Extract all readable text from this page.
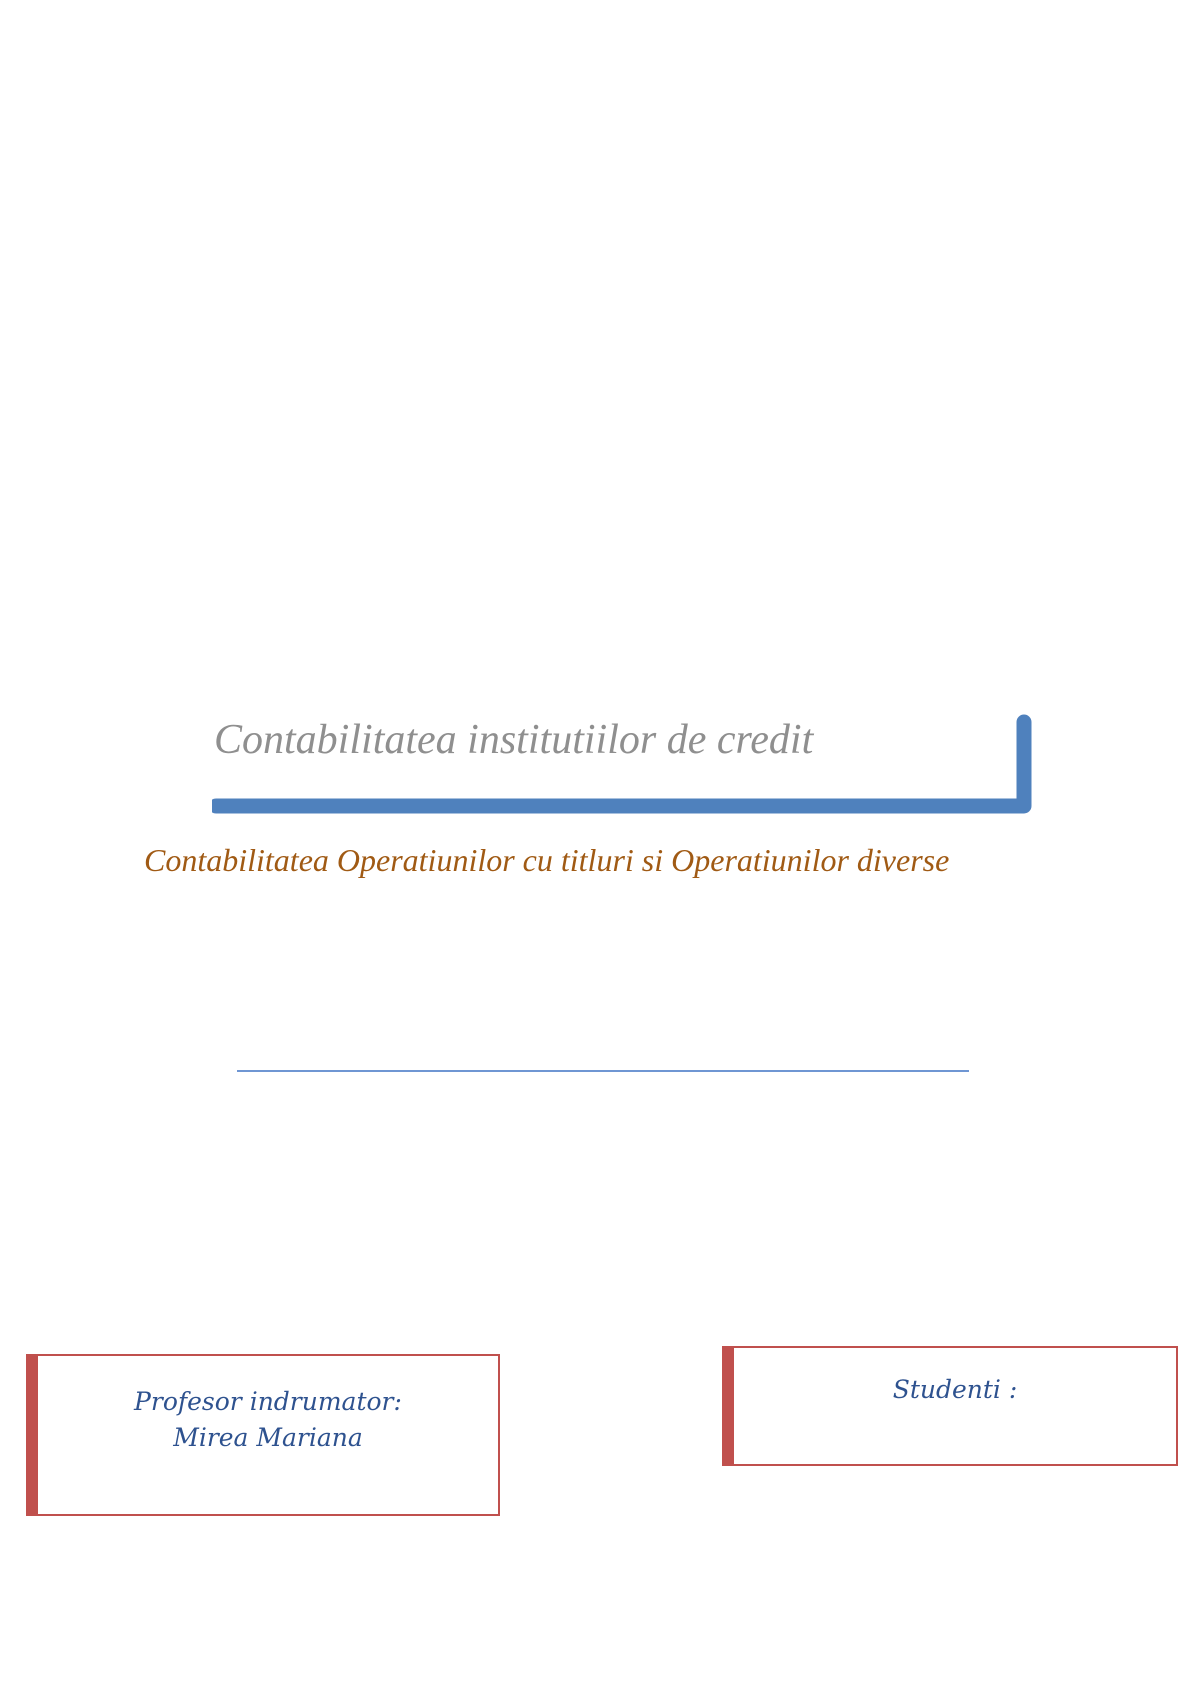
Contabilitatea institutiilor de credit

Contabilitatea Operatiunilor cu titluri si Operatiunilor diverse

Profesor indrumator:
Mirea Mariana
Studenti :
